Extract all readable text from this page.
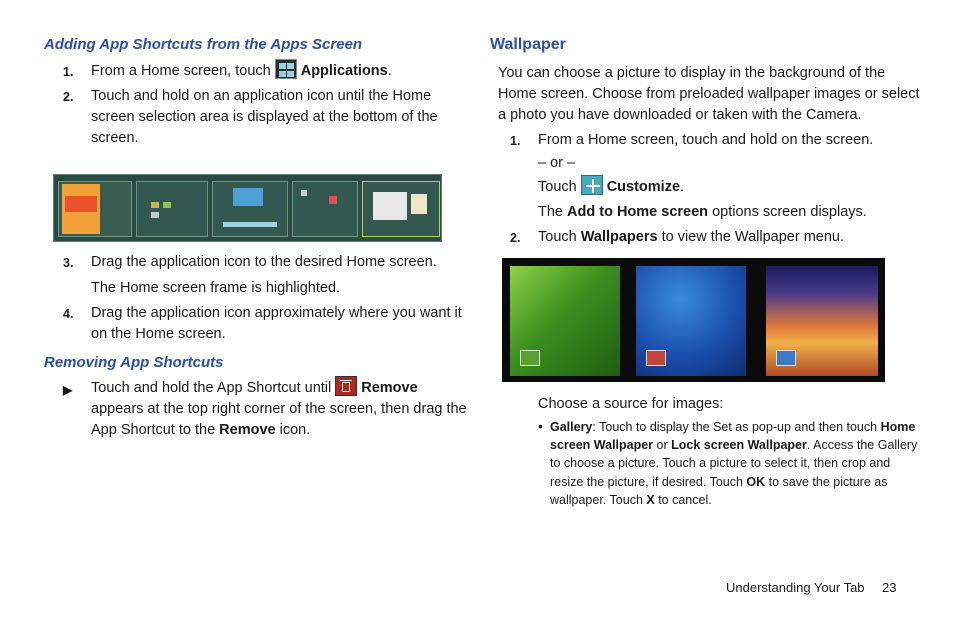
Adding App Shortcuts from the Apps Screen
1. From a Home screen, touch Applications.
2. Touch and hold on an application icon until the Home
screen selection area is displayed at the bottom of the
screen.
3. Drag the application icon to the desired Home screen.
The Home screen frame is highlighted.
4. Drag the application icon approximately where you want it
on the Home screen.
Removing App Shortcuts
▶ Touch and hold the App Shortcut until Remove
appears at the top right corner of the screen, then drag the
App Shortcut to the Remove icon.
Wallpaper
You can choose a picture to display in the background of the
Home screen. Choose from preloaded wallpaper images or select
a photo you have downloaded or taken with the Camera.
1. From a Home screen, touch and hold on the screen.
– or –
Touch Customize.
The Add to Home screen options screen displays.
2. Touch Wallpapers to view the Wallpaper menu.
Choose a source for images:
• Gallery: Touch to display the Set as pop-up and then touch Home
screen Wallpaper or Lock screen Wallpaper. Access the Gallery
to choose a picture. Touch a picture to select it, then crop and
resize the picture, if desired. Touch OK to save the picture as
wallpaper. Touch X to cancel.
Understanding Your Tab 23
